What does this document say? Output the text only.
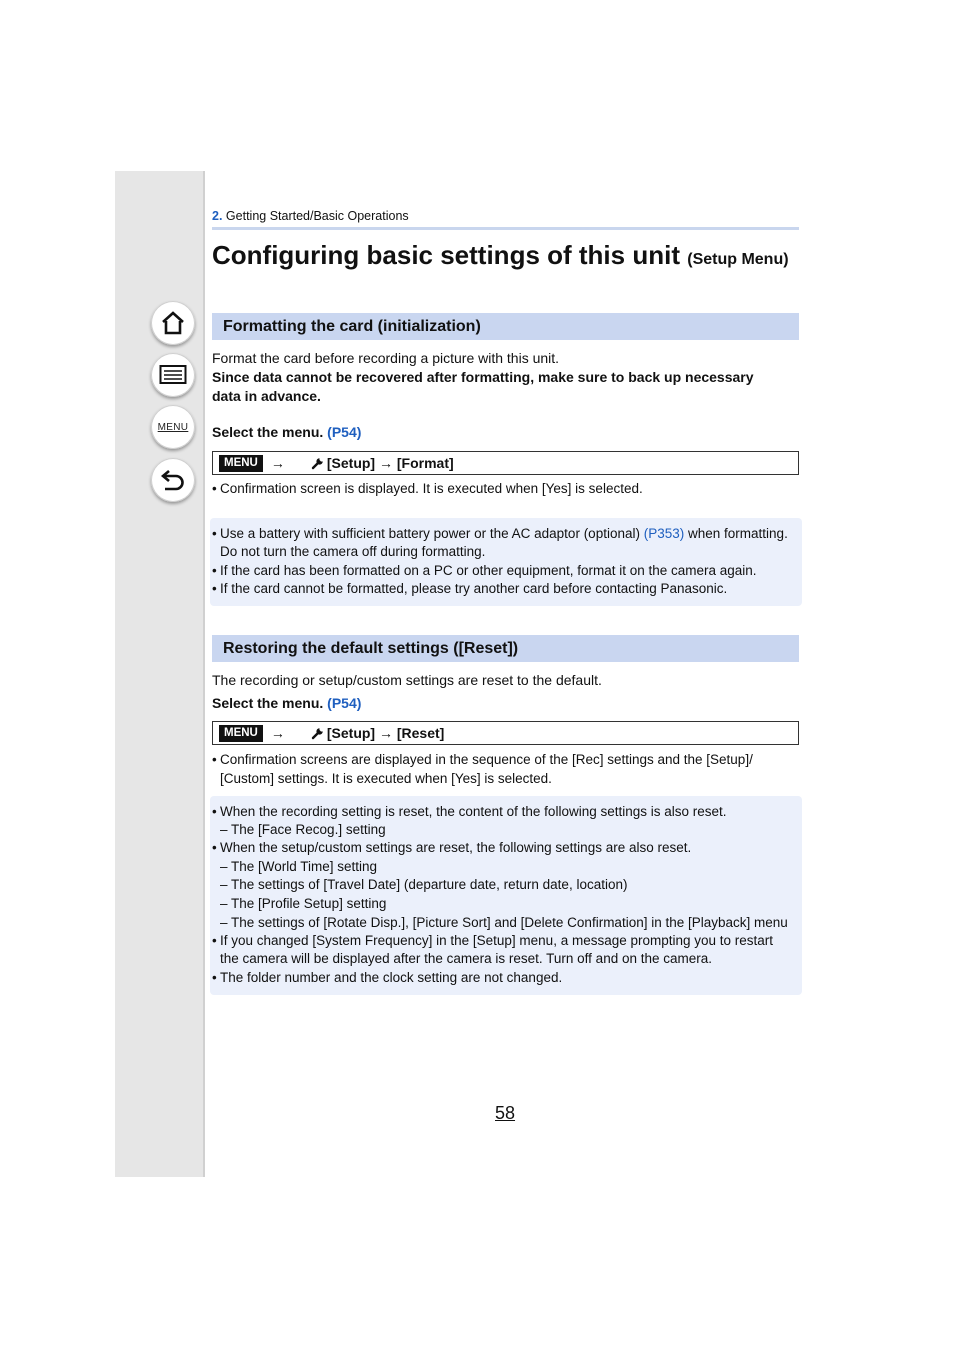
MENU
2. Getting Started/Basic Operations
Configuring basic settings of this unit (Setup Menu)
Formatting the card (initialization)
Format the card before recording a picture with this unit.
Since data cannot be recovered after formatting, make sure to back up necessary
data in advance.
Select the menu. (P54)
MENU →	[Setup] → [Format]
• Confirmation screen is displayed. It is executed when [Yes] is selected.
• Use a battery with sufficient battery power or the AC adaptor (optional) (P353) when formatting.
Do not turn the camera off during formatting.
• If the card has been formatted on a PC or other equipment, format it on the camera again.
• If the card cannot be formatted, please try another card before contacting Panasonic.
Restoring the default settings ([Reset])
The recording or setup/custom settings are reset to the default.
Select the menu. (P54)
MENU →	[Setup] → [Reset]
• Confirmation screens are displayed in the sequence of the [Rec] settings and the [Setup]/
[Custom] settings. It is executed when [Yes] is selected.
• When the recording setting is reset, the content of the following settings is also reset.
– The [Face Recog.] setting
• When the setup/custom settings are reset, the following settings are also reset.
– The [World Time] setting
– The settings of [Travel Date] (departure date, return date, location)
– The [Profile Setup] setting
– The settings of [Rotate Disp.], [Picture Sort] and [Delete Confirmation] in the [Playback] menu
• If you changed [System Frequency] in the [Setup] menu, a message prompting you to restart
the camera will be displayed after the camera is reset. Turn off and on the camera.
• The folder number and the clock setting are not changed.
58
